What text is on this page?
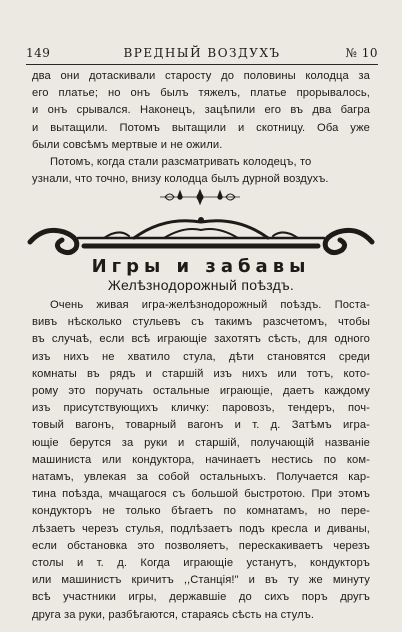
149	ВРЕДНЫЙ ВОЗДУХЪ	№ 10
два они дотаскивали старосту до половины колодца за
его платье; но онъ былъ тяжелъ, платье прорывалось,
и онъ срывался. Наконецъ, зацѣпили его въ два багра
и вытащили. Потомъ вытащили и скотницу. Оба уже
были совсѣмъ мертвые и не ожили.
Потомъ, когда стали разсматривать колодецъ, то
узнали, что точно, внизу колодца былъ дурной воздухъ.
Игры и забавы
Желѣзнодорожный поѣздъ.
Очень живая игра-желѣзнодорожный поѣздъ. Поста-
вивъ нѣсколько стульевъ съ такимъ разсчетомъ, чтобы
въ случаѣ, если всѣ играющіе захотятъ сѣсть, для одного
изъ нихъ не хватило стула, дѣти становятся среди
комнаты въ рядъ и старшій изъ нихъ или тотъ, кото-
рому это поручать остальные играющіе, даетъ каждому
изъ присутствующихъ кличку: паровозъ, тендеръ, поч-
товый вагонъ, товарный вагонъ и т. д. Затѣмъ игра-
ющіе берутся за руки и старшій, получающій названіе
машиниста или кондуктора, начинаетъ нестись по ком-
натамъ, увлекая за собой остальныхъ. Получается кар-
тина поѣзда, мчащагося съ большой быстротою. При этомъ
кондукторъ не только бѣгаетъ по комнатамъ, но пере-
лѣзаетъ черезъ стулья, подлѣзаетъ подъ кресла и диваны,
если обстановка это позволяетъ, перескакиваетъ черезъ
столы и т. д. Когда играющіе устанутъ, кондукторъ
или машинистъ кричитъ ,,Станція!" и въ ту же минуту
всѣ участники игры, державшіе до сихъ поръ другъ
друга за руки, разбѣгаются, стараясь сѣсть на стулъ.
